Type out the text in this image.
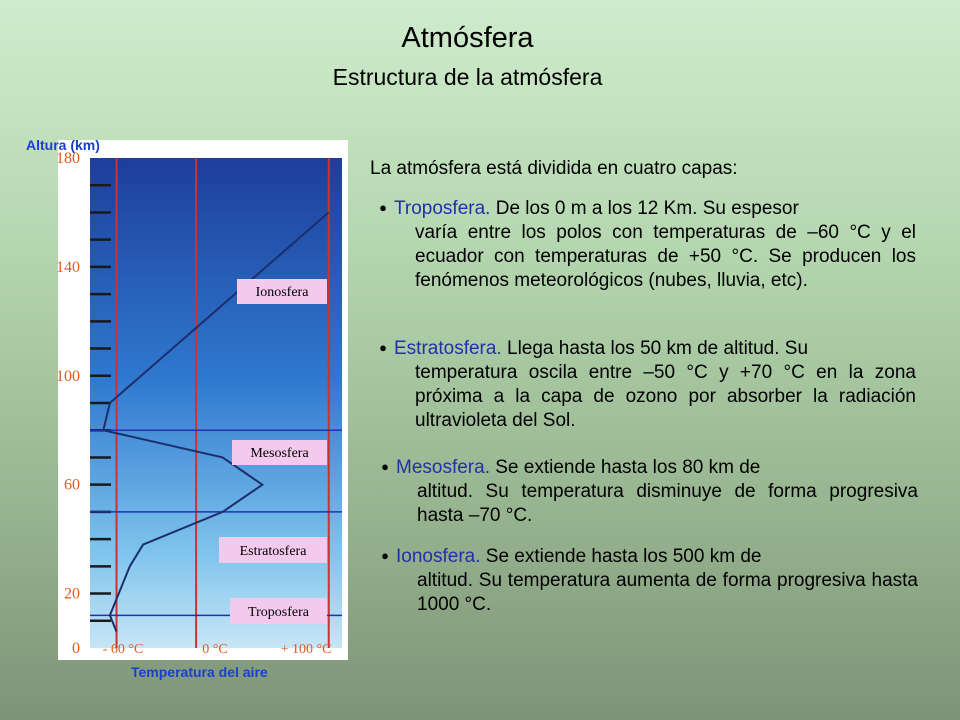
Atmósfera
Estructura de la atmósfera
180
140
100
60
20
0 - 60 °C	0 °C	+ 100 °C
Ionosfera
Mesosfera
Estratosfera
Troposfera
Altura (km)
Temperatura del aire
La atmósfera está dividida en cuatro capas:
● Troposfera. De los 0 m a los 12 Km. Su espesor
varía entre los polos con temperaturas de –60 °C y el ecuador con temperaturas de +50 °C. Se producen los fenómenos meteorológicos (nubes, lluvia, etc).
● Estratosfera. Llega hasta los 50 km de altitud. Su
temperatura oscila entre –50 °C y +70 °C en la zona próxima a la capa de ozono por absorber la radiación ultravioleta del Sol.
● Mesosfera. Se extiende hasta los 80 km de
altitud. Su temperatura disminuye de forma progresiva hasta –70 °C.
● Ionosfera. Se extiende hasta los 500 km de
altitud. Su temperatura aumenta de forma progresiva hasta 1000 °C.
